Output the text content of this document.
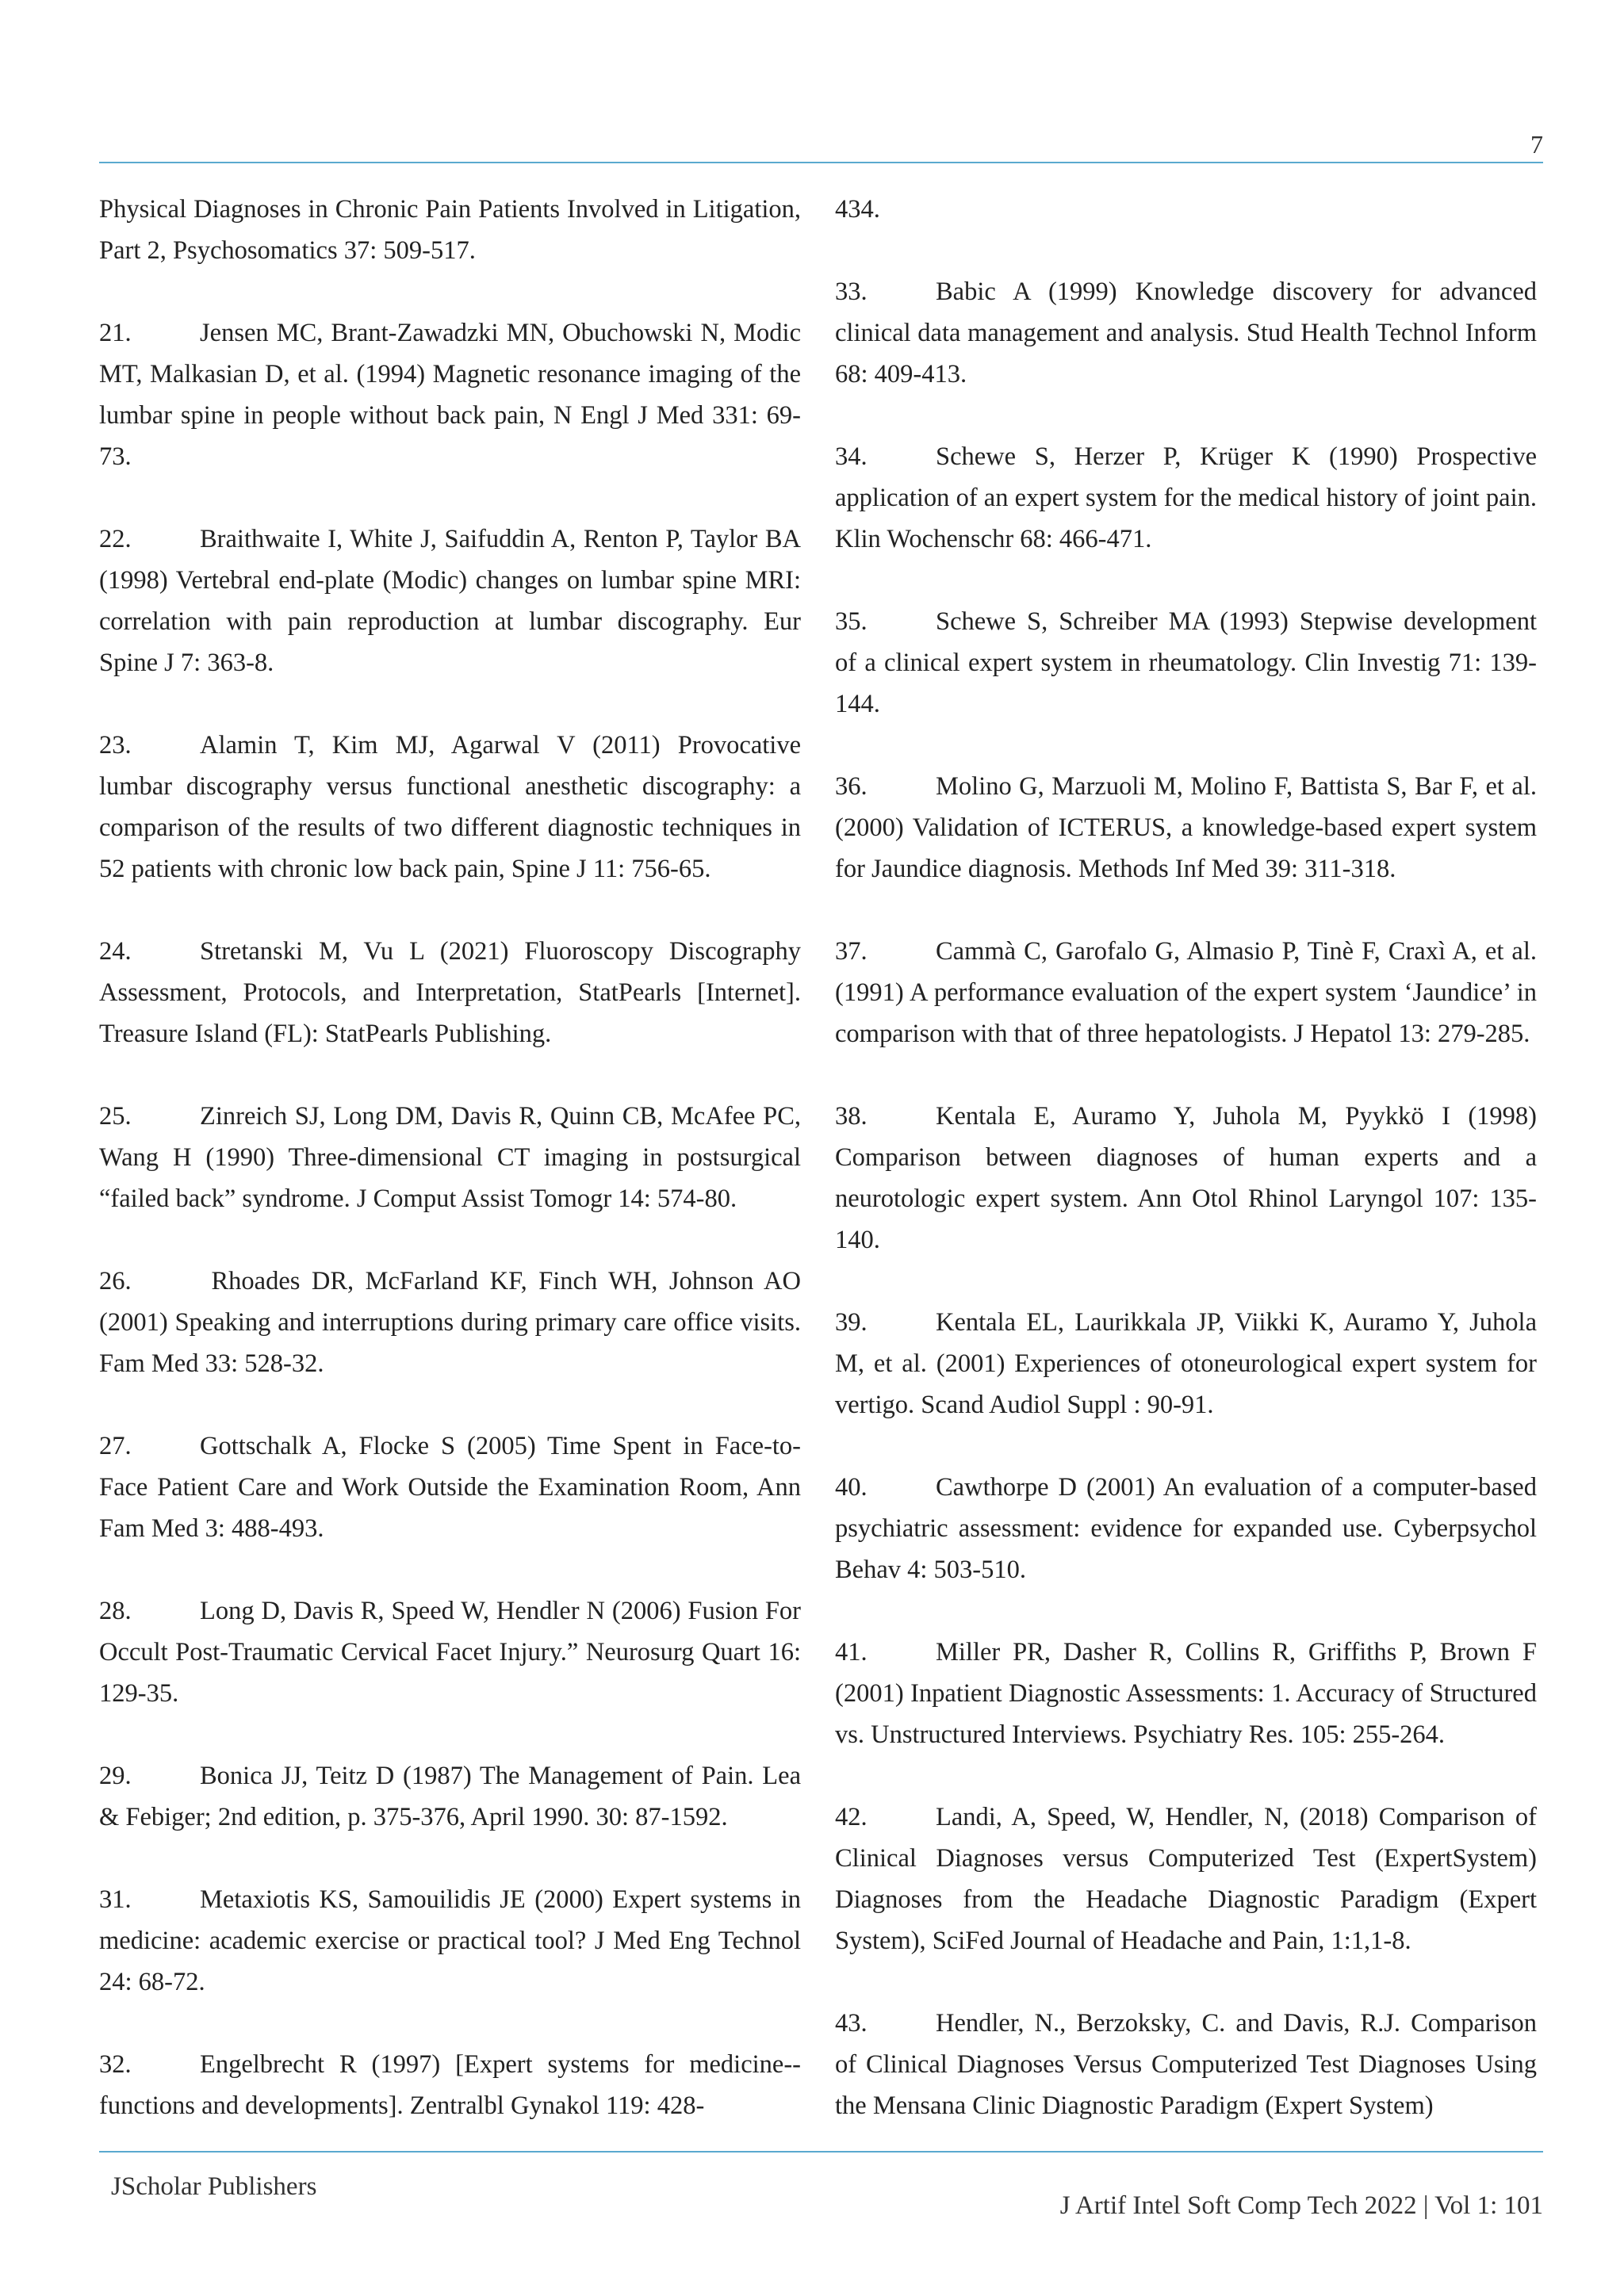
7

Physical Diagnoses in Chronic Pain Patients Involved in Litigation, Part 2, Psychosomatics 37: 509-517.

21.	Jensen MC, Brant-Zawadzki MN, Obuchowski N, Modic MT, Malkasian D, et al. (1994) Magnetic resonance imaging of the lumbar spine in people without back pain, N Engl J Med 331: 69-73.

22.	Braithwaite I, White J, Saifuddin A, Renton P, Taylor BA (1998) Vertebral end-plate (Modic) changes on lumbar spine MRI: correlation with pain reproduction at lumbar discography. Eur Spine J 7: 363-8.

23.	Alamin T, Kim MJ, Agarwal V (2011) Provocative lumbar discography versus functional anesthetic discography: a comparison of the results of two different diagnostic techniques in 52 patients with chronic low back pain, Spine J 11: 756-65.

24.	Stretanski M, Vu L (2021) Fluoroscopy Discography Assessment, Protocols, and Interpretation, StatPearls [Internet]. Treasure Island (FL): StatPearls Publishing.

25.	Zinreich SJ, Long DM, Davis R, Quinn CB, McAfee PC, Wang H (1990) Three-dimensional CT imaging in postsurgical “failed back” syndrome. J Comput Assist Tomogr 14: 574-80.

26.	Rhoades DR, McFarland KF, Finch WH, Johnson AO (2001) Speaking and interruptions during primary care office visits. Fam Med 33: 528-32.

27.	Gottschalk A, Flocke S (2005) Time Spent in Face-to-Face Patient Care and Work Outside the Examination Room, Ann Fam Med 3: 488-493.

28.	Long D, Davis R, Speed W, Hendler N (2006) Fusion For Occult Post-Traumatic Cervical Facet Injury.” Neurosurg Quart 16: 129-35.

29.	Bonica JJ, Teitz D (1987) The Management of Pain. Lea & Febiger; 2nd edition, p. 375-376, April 1990. 30: 87-1592.

31.	Metaxiotis KS, Samouilidis JE (2000) Expert systems in medicine: academic exercise or practical tool? J Med Eng Technol 24: 68-72.

32.	Engelbrecht R (1997) [Expert systems for medicine--functions and developments]. Zentralbl Gynakol 119: 428-

434.

33.	Babic A (1999) Knowledge discovery for advanced clinical data management and analysis. Stud Health Technol Inform 68: 409-413.

34.	Schewe S, Herzer P, Krüger K (1990) Prospective application of an expert system for the medical history of joint pain. Klin Wochenschr 68: 466-471.

35.	Schewe S, Schreiber MA (1993) Stepwise development of a clinical expert system in rheumatology. Clin Investig 71: 139- 144.

36.	Molino G, Marzuoli M, Molino F, Battista S, Bar F, et al. (2000) Validation of ICTERUS, a knowledge-based expert system for Jaundice diagnosis. Methods Inf Med 39: 311-318.

37.	Cammà C, Garofalo G, Almasio P, Tinè F, Craxì A, et al. (1991) A performance evaluation of the expert system ‘Jaundice’ in comparison with that of three hepatologists. J Hepatol 13: 279-285.

38.	Kentala E, Auramo Y, Juhola M, Pyykkö I (1998) Comparison between diagnoses of human experts and a neurotologic expert system. Ann Otol Rhinol Laryngol 107: 135-140.

39.	Kentala EL, Laurikkala JP, Viikki K, Auramo Y, Juhola M, et al. (2001) Experiences of otoneurological expert system for vertigo. Scand Audiol Suppl : 90-91.

40.	Cawthorpe D (2001) An evaluation of a computer-based psychiatric assessment: evidence for expanded use. Cyberpsychol Behav 4: 503-510.

41.	Miller PR, Dasher R, Collins R, Griffiths P, Brown F (2001) Inpatient Diagnostic Assessments: 1. Accuracy of Structured vs. Unstructured Interviews. Psychiatry Res. 105: 255-264.

42.	Landi, A, Speed, W, Hendler, N, (2018) Comparison of Clinical Diagnoses versus Computerized Test (ExpertSystem) Diagnoses from the Headache Diagnostic Paradigm (Expert System), SciFed Journal of Headache and Pain, 1:1,1-8.

43.	Hendler, N., Berzoksky, C. and Davis, R.J. Comparison of Clinical Diagnoses Versus Computerized Test Diagnoses Using the Mensana Clinic Diagnostic Paradigm (Expert System)

JScholar Publishers
J Artif Intel Soft Comp Tech 2022 | Vol 1: 101
